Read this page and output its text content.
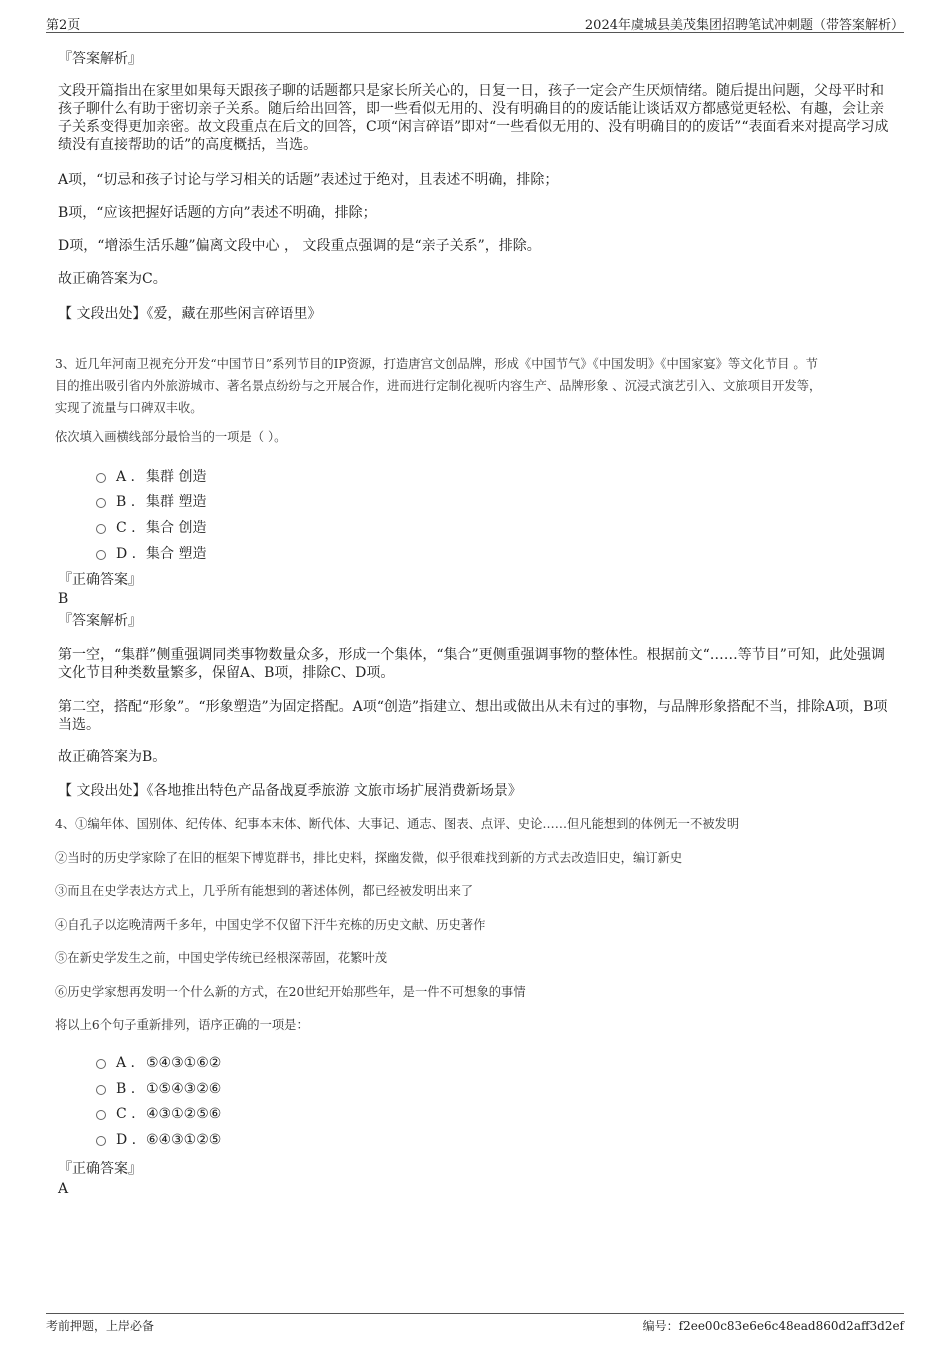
第2页	2024年虞城县美茂集团招聘笔试冲刺题（带答案解析）
『答案解析』
文段开篇指出在家里如果每天跟孩子聊的话题都只是家长所关心的，日复一日，孩子一定会产生厌烦情绪。随后提出问题，父母平时和孩子聊什么有助于密切亲子关系。随后给出回答，即一些看似无用的、没有明确目的的废话能让谈话双方都感觉更轻松、有趣，会让亲子关系变得更加亲密。故文段重点在后文的回答，C项“闲言碎语”即对“一些看似无用的、没有明确目的的废话”“表面看来对提高学习成绩没有直接帮助的话”的高度概括，当选。
A项，“切忌和孩子讨论与学习相关的话题”表述过于绝对，且表述不明确，排除；
B项，“应该把握好话题的方向”表述不明确，排除；
D项，“增添生活乐趣”偏离文段中心 ， 文段重点强调的是“亲子关系”，排除。
故正确答案为C。
【 文段出处】《爱，藏在那些闲言碎语里》
3、近几年河南卫视充分开发“中国节日”系列节目的IP资源，打造唐宫文创品牌，形成《中国节气》《中国发明》《中国家宴》等文化节目 。节
目的推出吸引省内外旅游城市、著名景点纷纷与之开展合作，进而进行定制化视听内容生产、品牌形象 、沉浸式演艺引入、文旅项目开发等，
实现了流量与口碑双丰收。
依次填入画横线部分最恰当的一项是（ ）。
A . 集群 创造
B . 集群 塑造
C . 集合 创造
D . 集合 塑造
『正确答案』
B
『答案解析』
第一空，“集群”侧重强调同类事物数量众多，形成一个集体，“集合”更侧重强调事物的整体性。根据前文“……等节目”可知，此处强调文化节目种类数量繁多，保留A、B项，排除C、D项。
第二空，搭配“形象”。“形象塑造”为固定搭配。A项“创造”指建立、想出或做出从未有过的事物，与品牌形象搭配不当，排除A项，B项当选。
故正确答案为B。
【 文段出处】《各地推出特色产品备战夏季旅游 文旅市场扩展消费新场景》
4、①编年体、国别体、纪传体、纪事本末体、断代体、大事记、通志、图表、点评、史论……但凡能想到的体例无一不被发明
②当时的历史学家除了在旧的框架下博览群书，排比史料，探幽发微，似乎很难找到新的方式去改造旧史，编订新史
③而且在史学表达方式上，几乎所有能想到的著述体例，都已经被发明出来了
④自孔子以迄晚清两千多年，中国史学不仅留下汗牛充栋的历史文献、历史著作
⑤在新史学发生之前，中国史学传统已经根深蒂固，花繁叶茂
⑥历史学家想再发明一个什么新的方式，在20世纪开始那些年，是一件不可想象的事情
将以上6个句子重新排列，语序正确的一项是：
A . ⑤④③①⑥②
B . ①⑤④③②⑥
C . ④③①②⑤⑥
D . ⑥④③①②⑤
『正确答案』
A
考前押题，上岸必备	编号：f2ee00c83e6e6c48ead860d2aff3d2ef
